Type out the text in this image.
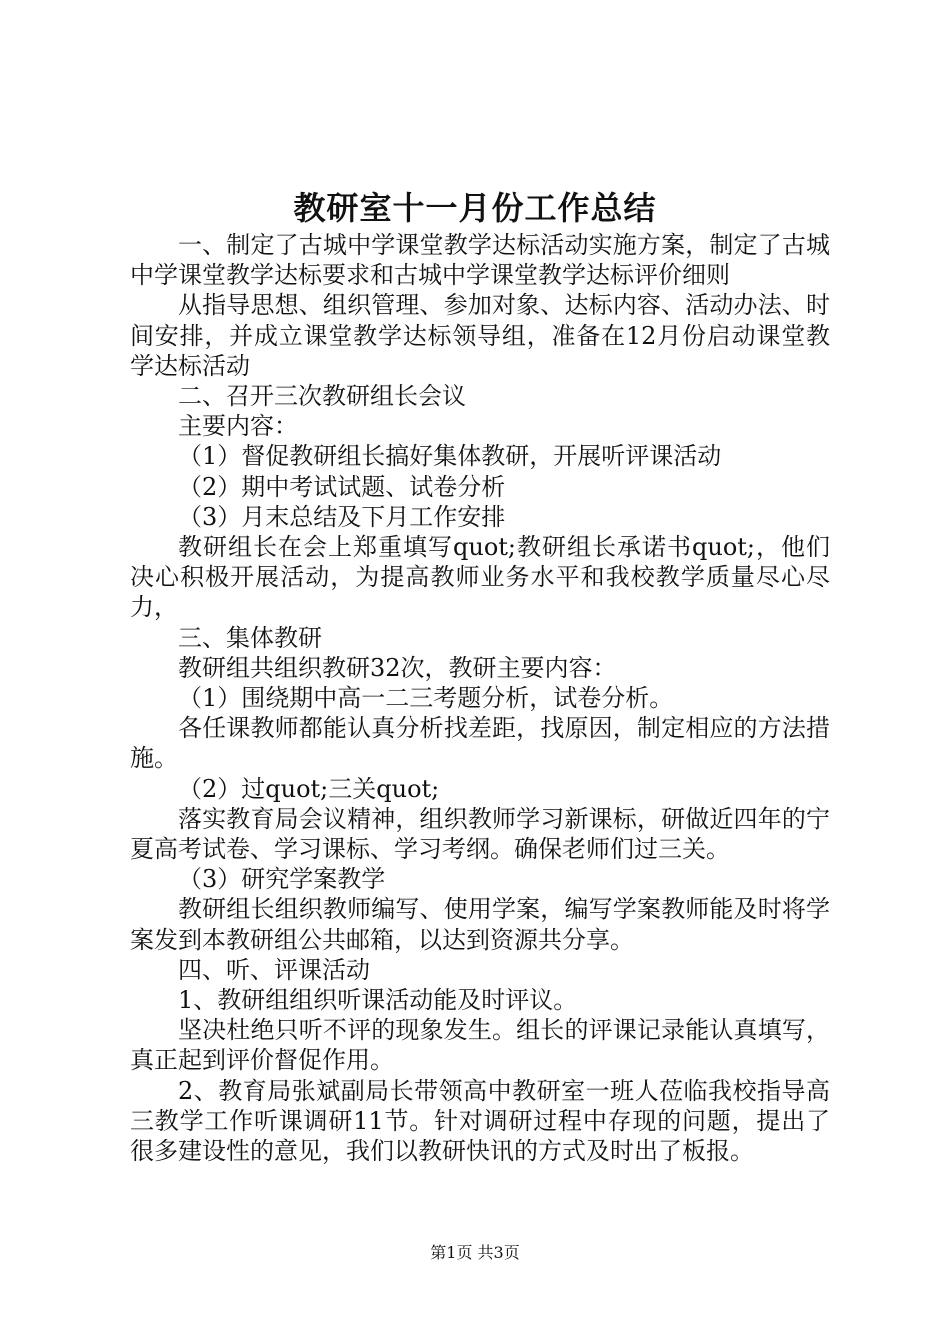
教研室十一月份工作总结

一、制定了古城中学课堂教学达标活动实施方案，制定了古城中学课堂教学达标要求和古城中学课堂教学达标评价细则

从指导思想、组织管理、参加对象、达标内容、活动办法、时间安排，并成立课堂教学达标领导组，准备在12月份启动课堂教学达标活动

二、召开三次教研组长会议

主要内容：

（1）督促教研组长搞好集体教研，开展听评课活动

（2）期中考试试题、试卷分析

（3）月末总结及下月工作安排

教研组长在会上郑重填写quot;教研组长承诺书quot;，他们决心积极开展活动，为提高教师业务水平和我校教学质量尽心尽力，

三、集体教研

教研组共组织教研32次，教研主要内容：

（1）围绕期中高一二三考题分析，试卷分析。

各任课教师都能认真分析找差距，找原因，制定相应的方法措施。

（2）过quot;三关quot;

落实教育局会议精神，组织教师学习新课标，研做近四年的宁夏高考试卷、学习课标、学习考纲。确保老师们过三关。

（3）研究学案教学

教研组长组织教师编写、使用学案，编写学案教师能及时将学案发到本教研组公共邮箱，以达到资源共分享。

四、听、评课活动

1、教研组组织听课活动能及时评议。

坚决杜绝只听不评的现象发生。组长的评课记录能认真填写，真正起到评价督促作用。

2、教育局张斌副局长带领高中教研室一班人莅临我校指导高三教学工作听课调研11节。针对调研过程中存现的问题，提出了很多建设性的意见，我们以教研快讯的方式及时出了板报。

第1页 共3页
